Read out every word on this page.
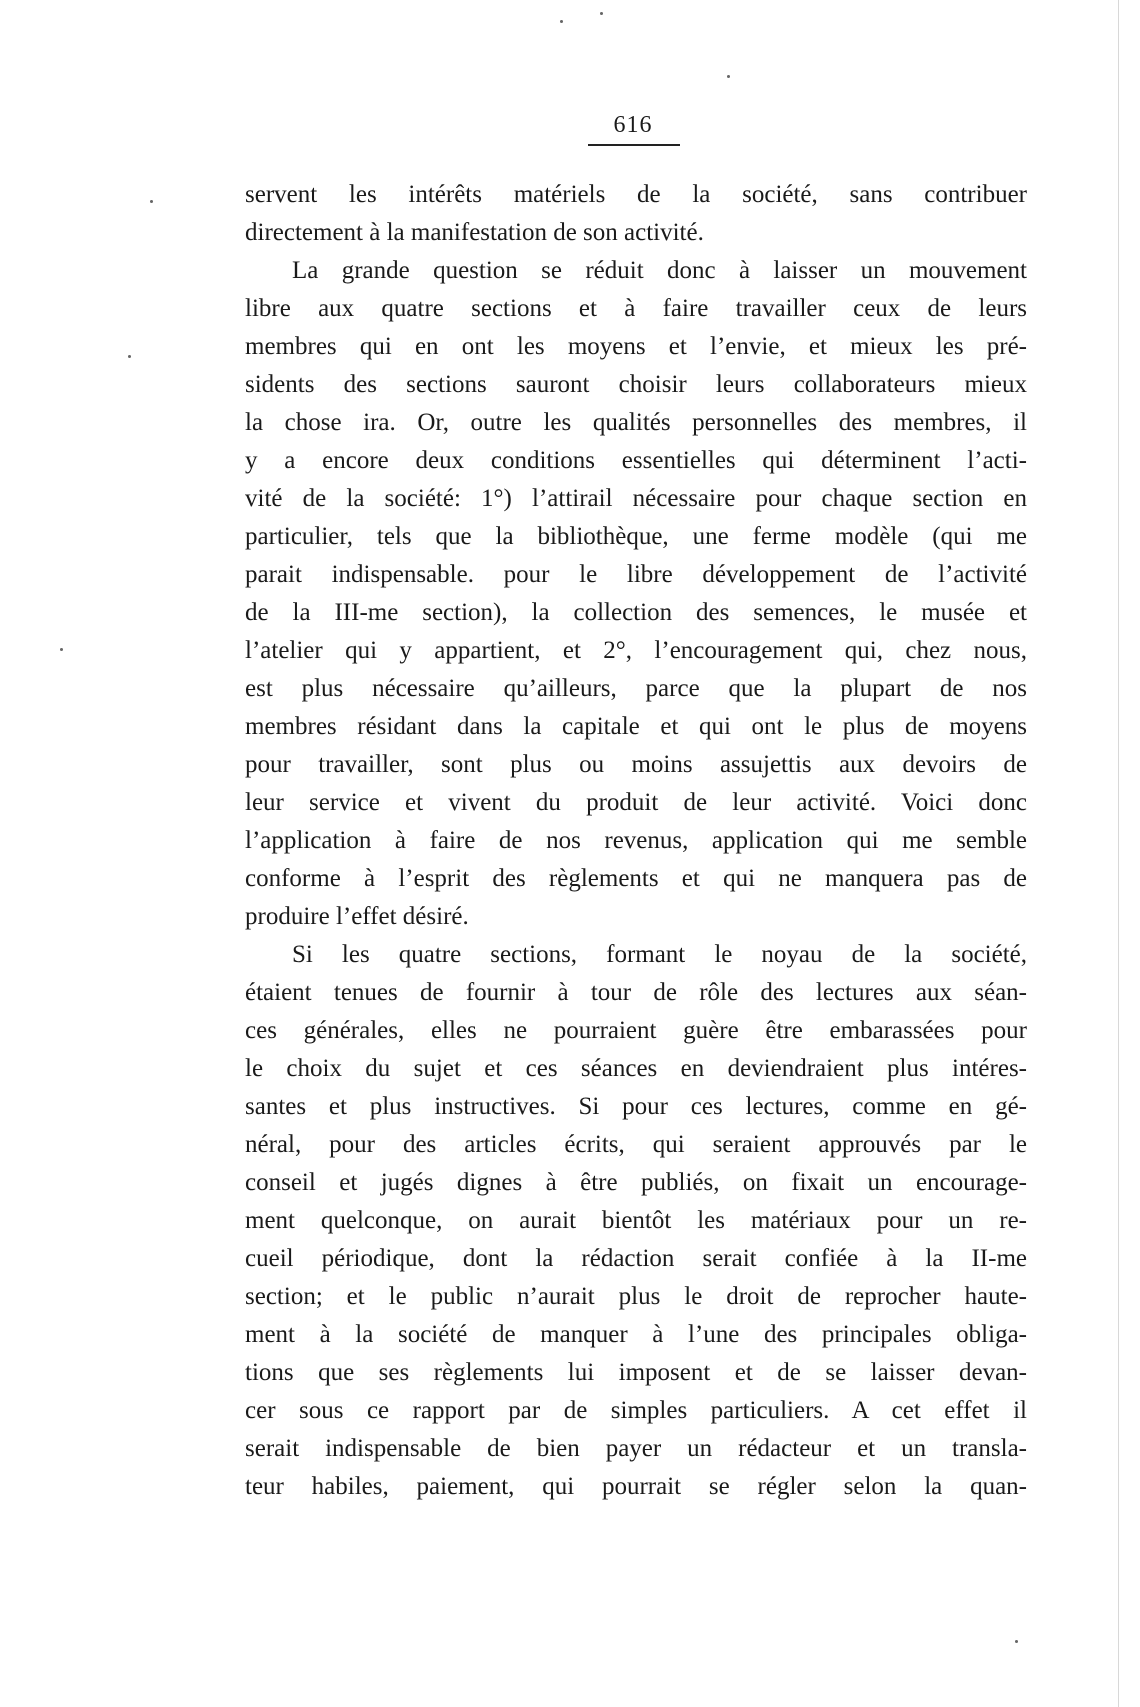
616
servent les intérêts matériels de la société, sans contribuer
directement à la manifestation de son activité.
La grande question se réduit donc à laisser un mouvement
libre aux quatre sections et à faire travailler ceux de leurs
membres qui en ont les moyens et l’envie, et mieux les pré-
sidents des sections sauront choisir leurs collaborateurs mieux
la chose ira. Or, outre les qualités personnelles des membres, il
y a encore deux conditions essentielles qui déterminent l’acti-
vité de la société: 1°) l’attirail nécessaire pour chaque section en
particulier, tels que la bibliothèque, une ferme modèle (qui me
parait indispensable. pour le libre développement de l’activité
de la III-me section), la collection des semences, le musée et
l’atelier qui y appartient, et 2°, l’encouragement qui, chez nous,
est plus nécessaire qu’ailleurs, parce que la plupart de nos
membres résidant dans la capitale et qui ont le plus de moyens
pour travailler, sont plus ou moins assujettis aux devoirs de
leur service et vivent du produit de leur activité. Voici donc
l’application à faire de nos revenus, application qui me semble
conforme à l’esprit des règlements et qui ne manquera pas de
produire l’effet désiré.
Si les quatre sections, formant le noyau de la société,
étaient tenues de fournir à tour de rôle des lectures aux séan-
ces générales, elles ne pourraient guère être embarassées pour
le choix du sujet et ces séances en deviendraient plus intéres-
santes et plus instructives. Si pour ces lectures, comme en gé-
néral, pour des articles écrits, qui seraient approuvés par le
conseil et jugés dignes à être publiés, on fixait un encourage-
ment quelconque, on aurait bientôt les matériaux pour un re-
cueil périodique, dont la rédaction serait confiée à la II-me
section; et le public n’aurait plus le droit de reprocher haute-
ment à la société de manquer à l’une des principales obliga-
tions que ses règlements lui imposent et de se laisser devan-
cer sous ce rapport par de simples particuliers. A cet effet il
serait indispensable de bien payer un rédacteur et un transla-
teur habiles, paiement, qui pourrait se régler selon la quan-
